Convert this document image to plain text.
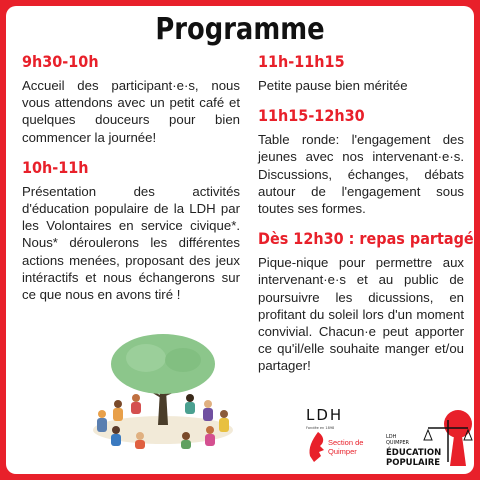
Programme
9h30-10h

Accueil des participant·e·s, nous vous attendons avec un petit café et quelques douceurs pour bien commencer la journée!

10h-11h

Présentation des activités d'éducation populaire de la LDH par les Volontaires en service civique*. Nous* déroulerons les différentes actions menées, proposant des jeux intéractifs et nous échangerons sur ce que nous en avons tiré !

11h-11h15

Petite pause bien méritée

11h15-12h30

Table ronde: l'engagement des jeunes avec nos intervenant·e·s. Discussions, échanges, débats autour de l'engagement sous toutes ses formes.

Dès 12h30 : repas partagé

Pique-nique pour permettre aux intervenant·e·s et au public de poursuivre les dicussions, en profitant du soleil lors d'un moment convivial. Chacun·e peut apporter ce qu'il/elle souhaite manger et/ou partager!

LDH
Fondée en 1898
Section de Quimper
LDH
QUIMPER
ÉDUCATION
POPULAIRE
